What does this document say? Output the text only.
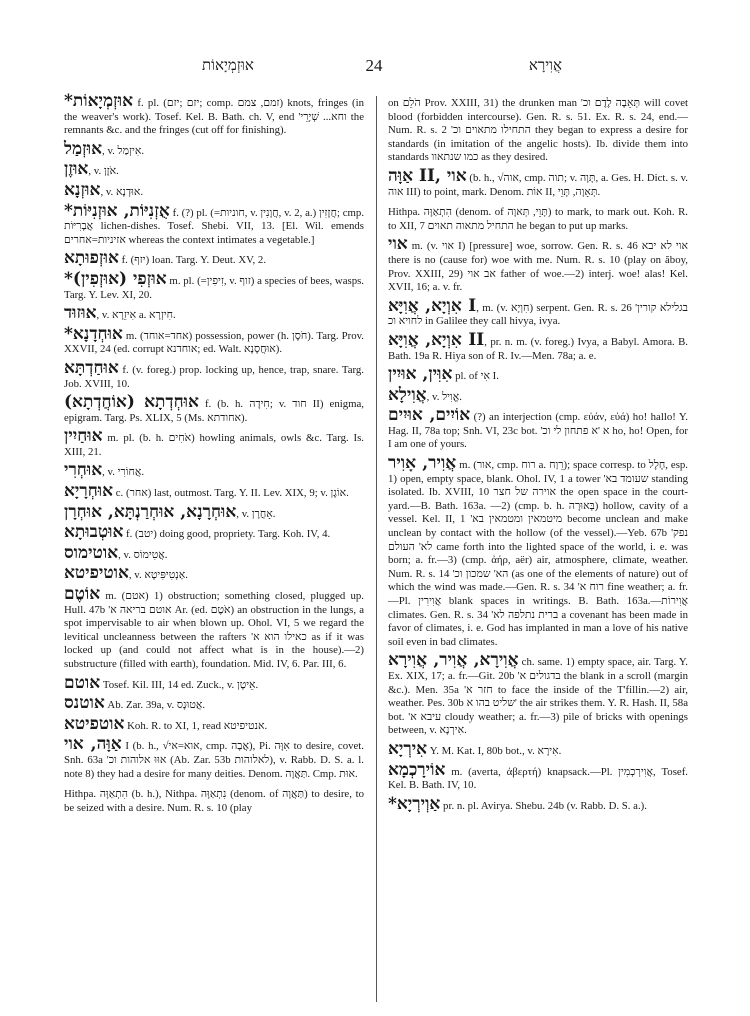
אוּזְמְיָאוֹת	24	אֲוִירָא

*אוּזְמְיָאוֹת f. pl. (יזם ;יזם; comp. זמם, צמם) knots, fringes (in the weaver's work). Tosef. Kel. B. Bath. ch. V, end 'וחא... שְׁיָרֵי the remnants &c. and the fringes (cut off for finishing).

אוּזְמַל, v. אִיזְמַל.

אוּזֶן, v. אֹזֶן.

אוּזְנָא, v. אוּדְנָא.

*אֻזְנִיּוֹת, אוּזְנִיּוֹת f. (?) pl. (=חוניות, v. חֲוָנִין, v. 2, a.) חֲזָזִין; cmp. אֲבָרִיּוֹת lichen-dishes. Tosef. Shebi. VII, 13. [El. Wil. emends אזיניות=אחרים whereas the context intimates a vegetable.]

אוּזְפוּתָא f. (יזף) loan. Targ. Y. Deut. XV, 2.

*(אוּזְפִי (אוּזְפִין m. pl. (=זִיפִין, v. זוף) a species of bees, wasps. Targ. Y. Lev. XI, 20.

אוּזוּד, v. אִיזֵרָא a. חִיזְרָא.

*אוּחְדָנָא m. (אחד=אוחד) possession, power (h. חֹסֶן). Targ. Prov. XXVII, 24 (ed. corrupt אוחדנא; ed. Walt. אוּחֲסָנָא).

אוּחַדְתָּא f. (v. foreg.) prop. locking up, hence, trap, snare. Targ. Job. XVIII, 10.

אוּחְדְתָא (אוֹחֲדְתָא) f. (b. h. חִידָה; v. חוד II) enigma, epigram. Targ. Ps. XLIX, 5 (Ms. אחודתא).

אוּחַיִין m. pl. (b. h. אֹחִים) howling animals, owls &c. Targ. Is. XIII, 21.

אוּחְרִי, v. אֲחוֹרִי.

אוּחְרָיָא c. (אחר) last, outmost. Targ. Y. II. Lev. XIX, 9; v. אוֹגֶן.

אוּחְרָנָא, אוּחְרַנְתָּא, אוּחְרָן, v. אָחֳרָן.

אוּטְבוּתָא f. (יטב) doing good, propriety. Targ. Koh. IV, 4.

אוטימוס, v. אֲטִימוֹס.

אוטיפיטא, v. אַנְטִיפִּיטָא.

אוֹטֶם m. (אטם) 1) obstruction; something closed, plugged up. Hull. 47b 'אוטם בריאה א Ar. (ed. אֹטֶם) an obstruction in the lungs, a spot impervisable to air when blown up. Ohol. VI, 5 we regard the levitical uncleanness between the rafters 'כאילו הוא א as if it was locked up (and could not affect what is in the house).—2) substructure (filled with earth), foundation. Mid. IV, 6. Par. III, 6.

אוטם Tosef. Kil. III, 14 ed. Zuck., v. אֵיטָן.

אוטנס Ab. Zar. 39a, v. אֲטוּנָס.

אוטפיטא Koh. R. to XI, 1, read אנטיפיטא.

אַוָּה, אוי I (b. h., √אוא=אי, cmp. אֲבָה), Pi. אִוָּה to desire, covet. Snh. 63a 'אוּוּ אלוהות וכ (Ab. Zar. 53b לאלוהות), v. Rabb. D. S. a. l. note 8) they had a desire for many deities. Denom. תַּאֲוָה. Cmp. אוּת.

Hithpa. הִתְאַוָּה (b. h.), Nithpa. נִתְאַוָּה (denom. of תַּאֲוָה) to desire, to be seized with a desire. Num. R. s. 10 (play

on הֹלֵם Prov. XXIII, 31) the drunken man 'תְּאֵבָה לֶדֶם וכ will covet blood (forbidden intercourse). Gen. R. s. 51. Ex. R. s. 24, end.—Num. R. s. 2 'התחילו מתאוים וכ they began to express a desire for standards (in imitation of the angelic hosts). Ib. divide them into standards כמו שנתאוו as they desired.

אַוָּה II, אוי (b. h., √אוה, cmp. תוה; v. תָּוָה, a. Ges. H. Dict. s. v. אוה III) to point, mark. Denom. אוֹת II, תְּאָוָה, תָּוֵי.

Hithpa. הִתְאַוָּה (denom. of תָּוֵי, תְּאוָה) to mark, to mark out. Koh. R. to XII, 7 התחיל מתאוה תאוים he began to put up marks.

אוי m. (v. אוי I) [pressure] woe, sorrow. Gen. R. s. 46 אוי לא יבא there is no (cause for) woe with me. Num. R. s. 10 (play on ăboy, Prov. XXIII, 29) אב אוי father of woe.—2) interj. woe! alas! Kel. XVII, 16; a. v. fr.

אִוְיָא, אֲוִיָּא I, m. (v. חִוְיָא) serpent. Gen. R. s. 26 'בגלילא קורין לחויא וכ in Galilee they call hivya, ivya.

אִוְיָא, אֲוִיָּא II, pr. n. m. (v. foreg.) Ivya, a Babyl. Amora. B. Bath. 19a R. Hiya son of R. Iv.—Men. 78a; a. e.

אִוִּין, אוּיִין pl. of אִי I.

אֲוִילָא, v. אֱוִיל.

אוֹיִים, אוּיִים (?) an interjection (cmp. εὐάν, εὐά) ho! hallo! Y. Hag. II, 78a top; Snh. VI, 23c bot. 'א 'א פתחון לי וכ ho, ho! Open, for I am one of yours.

אֲוִיר, אָוִיר m. (אור, cmp. רוח a. רֵוַח); space corresp. to חָלָל, esp. 1) open, empty space, blank. Ohol. IV, 1 a tower 'שעומד בא standing isolated. Ib. XVIII, 10 אוירה של חצר the open space in the court-yard.—B. Bath. 163a. —2) (cmp. b. h. בְּאוּרָה) hollow, cavity of a vessel. Kel. II, 1 'מיטמאין ומטמאין בא become unclean and make unclean by contact with the hollow (of the vessel).—Yeb. 67b 'נפק לא' העולם came forth into the lighted space of the world, i. e. was born; a. fr.—3) (cmp. ἀήρ, aër) air, atmosphere, climate, weather. Num. R. s. 14 'הא' שמכון וכ (as one of the elements of nature) out of which the wind was made.—Gen. R. s. 34 'רוח א fine weather; a. fr.—Pl. אֲוִירִין blank spaces in writings. B. Bath. 163a.—אֲוִירוֹת climates. Gen. R. s. 34 'ברית נתלפה לא a covenant has been made in favor of climates, i. e. God has implanted in man a love of his native soil even in bad climates.

אֲוִירָא, אֲוִיר, אֲוִירָא ch. same. 1) empty space, air. Targ. Y. Ex. XIX, 17; a. fr.—Git. 20b 'בדגולים א the blank in a scroll (margin &c.). Men. 35a 'חזר א to face the inside of the T'fillin.—2) air, weather. Pes. 30b שליט בהו א' the air strikes them. Y. R. Hash. II, 58a bot. 'עיבא א cloudy weather; a. fr.—3) pile of bricks with openings between, v. אִירְנָא.

אִירְיָא Y. M. Kat. I, 80b bot., v. אִירָא.

אוֹירָכְמָא m. (averta, ἀβερτή) knapsack.—Pl. אֲוִירְכְמִין, Tosef. Kel. B. Bath. IV, 10.

*אַוְירְיָא pr. n. pl. Avirya. Shebu. 24b (v. Rabb. D. S. a.).
